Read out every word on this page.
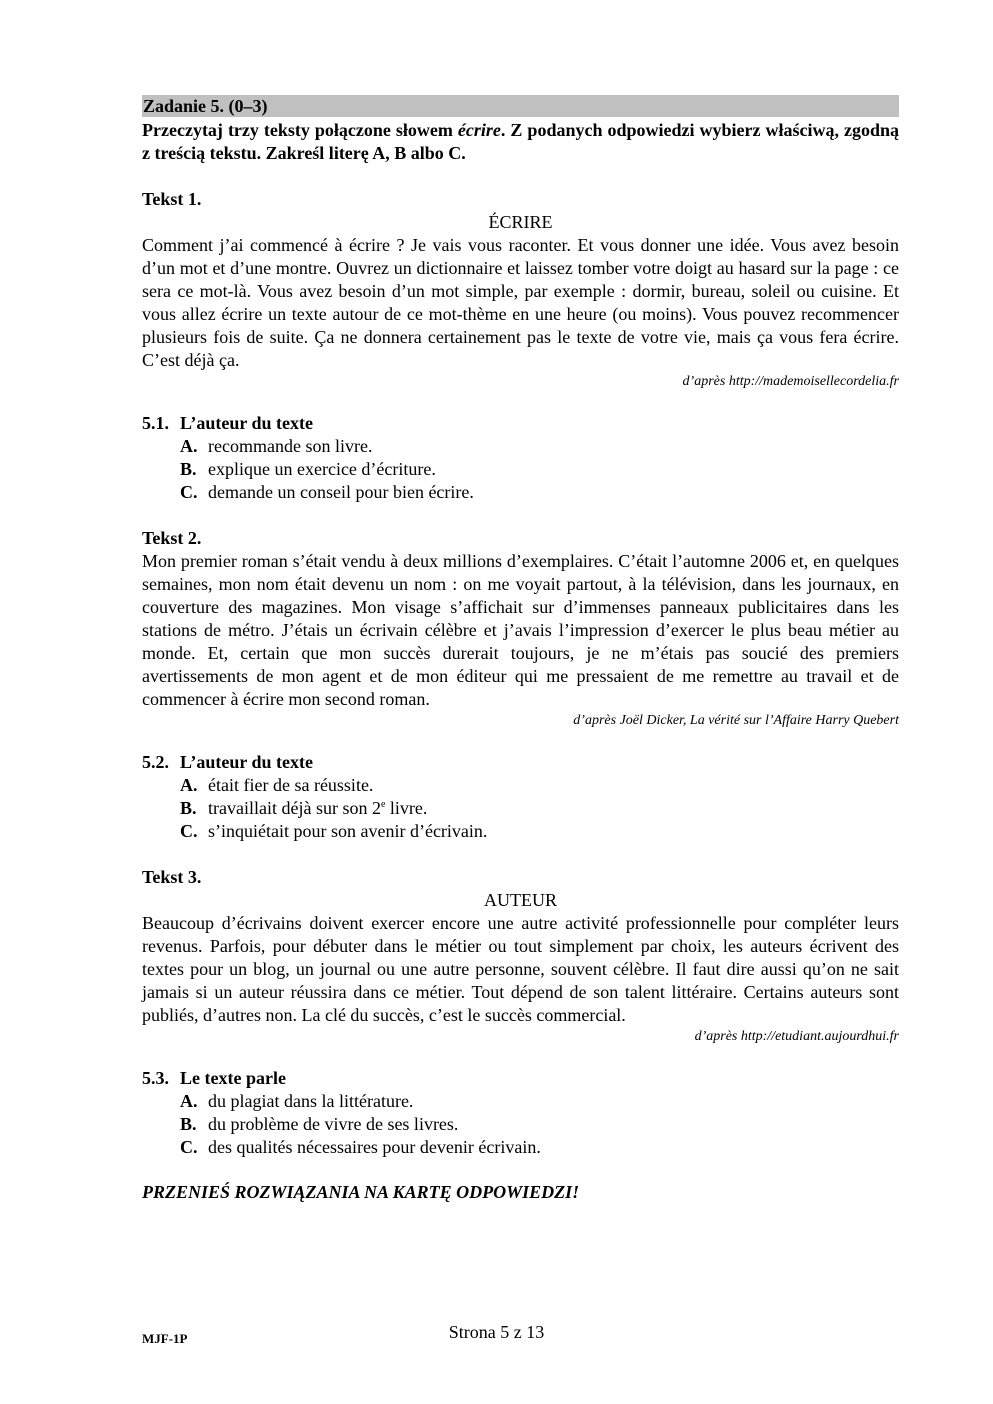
Zadanie 5. (0–3)
Przeczytaj trzy teksty połączone słowem écrire. Z podanych odpowiedzi wybierz właściwą, zgodną z treścią tekstu. Zakreśl literę A, B albo C.
Tekst 1.
ÉCRIRE
Comment j’ai commencé à écrire ? Je vais vous raconter. Et vous donner une idée. Vous avez besoin d’un mot et d’une montre. Ouvrez un dictionnaire et laissez tomber votre doigt au hasard sur la page : ce sera ce mot-là. Vous avez besoin d’un mot simple, par exemple : dormir, bureau, soleil ou cuisine. Et vous allez écrire un texte autour de ce mot-thème en une heure (ou moins). Vous pouvez recommencer plusieurs fois de suite. Ça ne donnera certainement pas le texte de votre vie, mais ça vous fera écrire. C’est déjà ça.
d’après http://mademoisellecordelia.fr
5.1. L’auteur du texte
A. recommande son livre.
B. explique un exercice d’écriture.
C. demande un conseil pour bien écrire.
Tekst 2.
Mon premier roman s’était vendu à deux millions d’exemplaires. C’était l’automne 2006 et, en quelques semaines, mon nom était devenu un nom : on me voyait partout, à la télévision, dans les journaux, en couverture des magazines. Mon visage s’affichait sur d’immenses panneaux publicitaires dans les stations de métro. J’étais un écrivain célèbre et j’avais l’impression d’exercer le plus beau métier au monde. Et, certain que mon succès durerait toujours, je ne m’étais pas soucié des premiers avertissements de mon agent et de mon éditeur qui me pressaient de me remettre au travail et de commencer à écrire mon second roman.
d’après Joël Dicker, La vérité sur l’Affaire Harry Quebert
5.2. L’auteur du texte
A. était fier de sa réussite.
B. travaillait déjà sur son 2e livre.
C. s’inquiétait pour son avenir d’écrivain.
Tekst 3.
AUTEUR
Beaucoup d’écrivains doivent exercer encore une autre activité professionnelle pour compléter leurs revenus. Parfois, pour débuter dans le métier ou tout simplement par choix, les auteurs écrivent des textes pour un blog, un journal ou une autre personne, souvent célèbre. Il faut dire aussi qu’on ne sait jamais si un auteur réussira dans ce métier. Tout dépend de son talent littéraire. Certains auteurs sont publiés, d’autres non. La clé du succès, c’est le succès commercial.
d’après http://etudiant.aujourdhui.fr
5.3. Le texte parle
A. du plagiat dans la littérature.
B. du problème de vivre de ses livres.
C. des qualités nécessaires pour devenir écrivain.
PRZENIEŚ ROZWIĄZANIA NA KARTĘ ODPOWIEDZI!
MJF-1P	Strona 5 z 13
